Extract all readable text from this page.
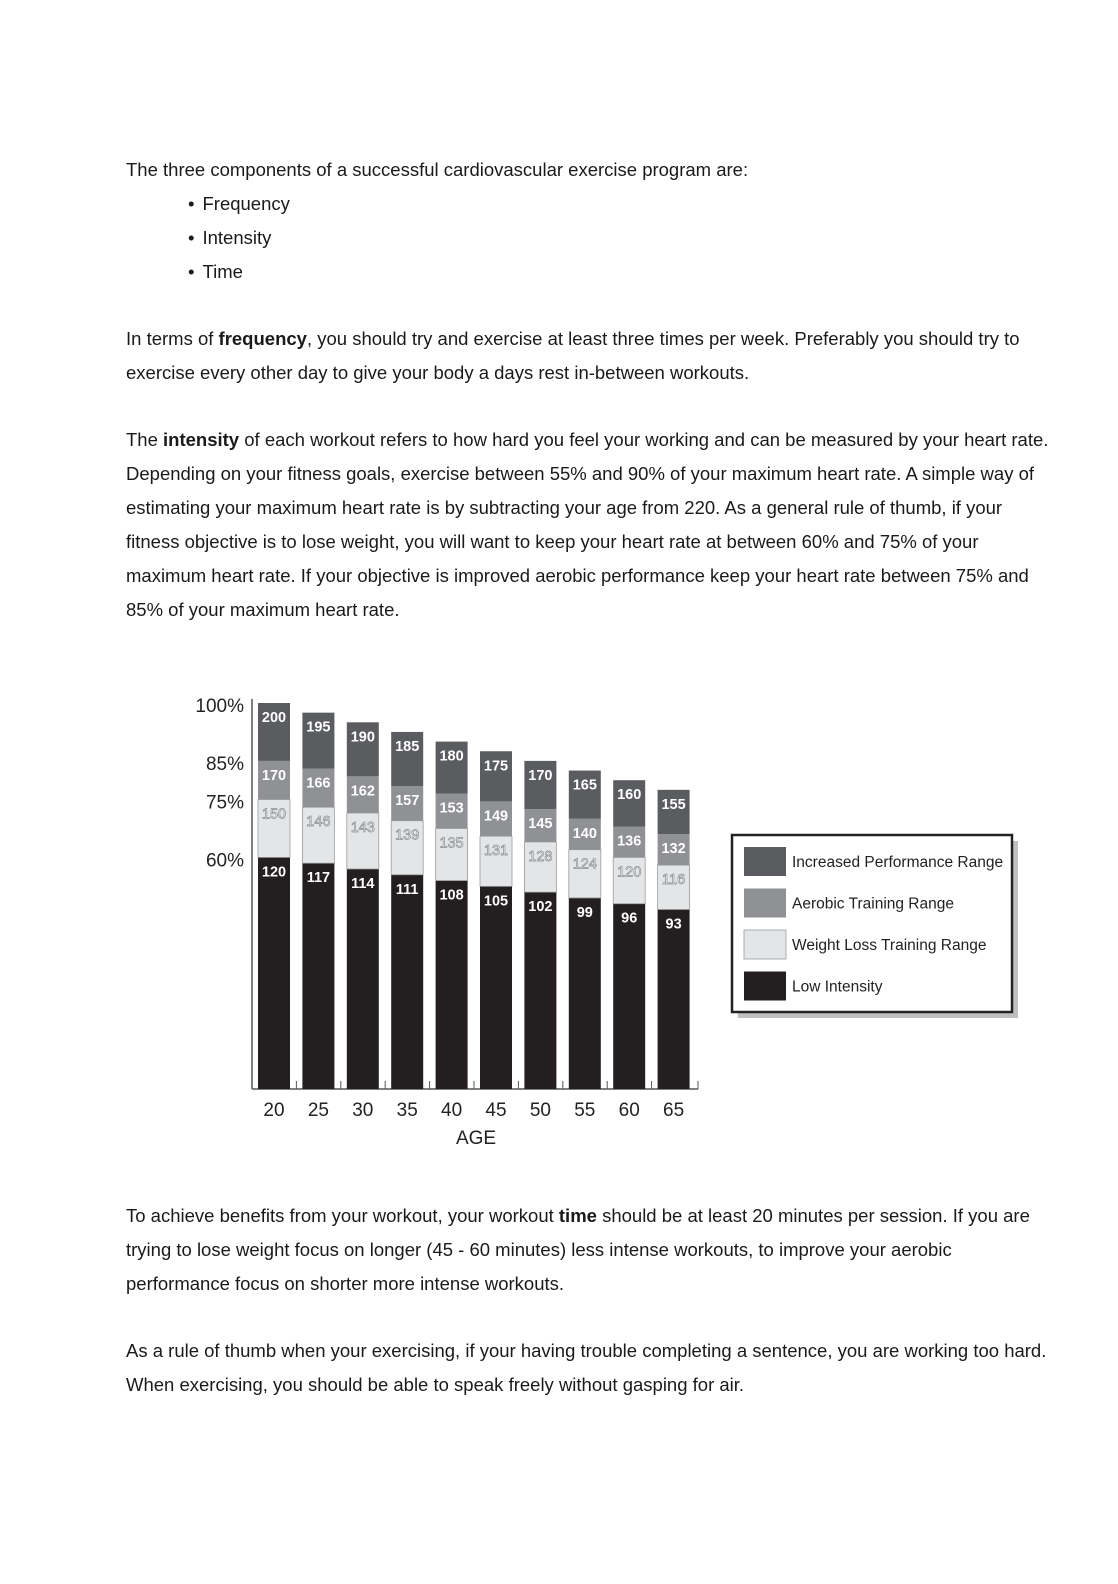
The three components of a successful cardiovascular exercise program are:

• Frequency
• Intensity
• Time

In terms of frequency, you should try and exercise at least three times per week. Preferably you should try to exercise every other day to give your body a days rest in-between workouts.

The intensity of each workout refers to how hard you feel your working and can be measured by your heart rate. Depending on your fitness goals, exercise between 55% and 90% of your maximum heart rate. A simple way of estimating your maximum heart rate is by subtracting your age from 220. As a general rule of thumb, if your fitness objective is to lose weight, you will want to keep your heart rate at between 60% and 75% of your maximum heart rate. If your objective is improved aerobic performance keep your heart rate between 75% and 85% of your maximum heart rate.

60%
75%
85%
100%
120
150
170
200
20
117
146
166
195
25
114
143
162
190
30
111
139
157
185
35
108
135
153
180
40
105
131
149
175
45
102
128
145
170
50
99
124
140
165
55
96
120
136
160
60
93
116
132
155
65
AGE
Increased Performance Range
Aerobic Training Range
Weight Loss Training Range
Low Intensity

To achieve benefits from your workout, your workout time should be at least 20 minutes per session. If you are trying to lose weight focus on longer (45 - 60 minutes) less intense workouts, to improve your aerobic performance focus on shorter more intense workouts.

As a rule of thumb when your exercising, if your having trouble completing a sentence, you are working too hard. When exercising, you should be able to speak freely without gasping for air.
